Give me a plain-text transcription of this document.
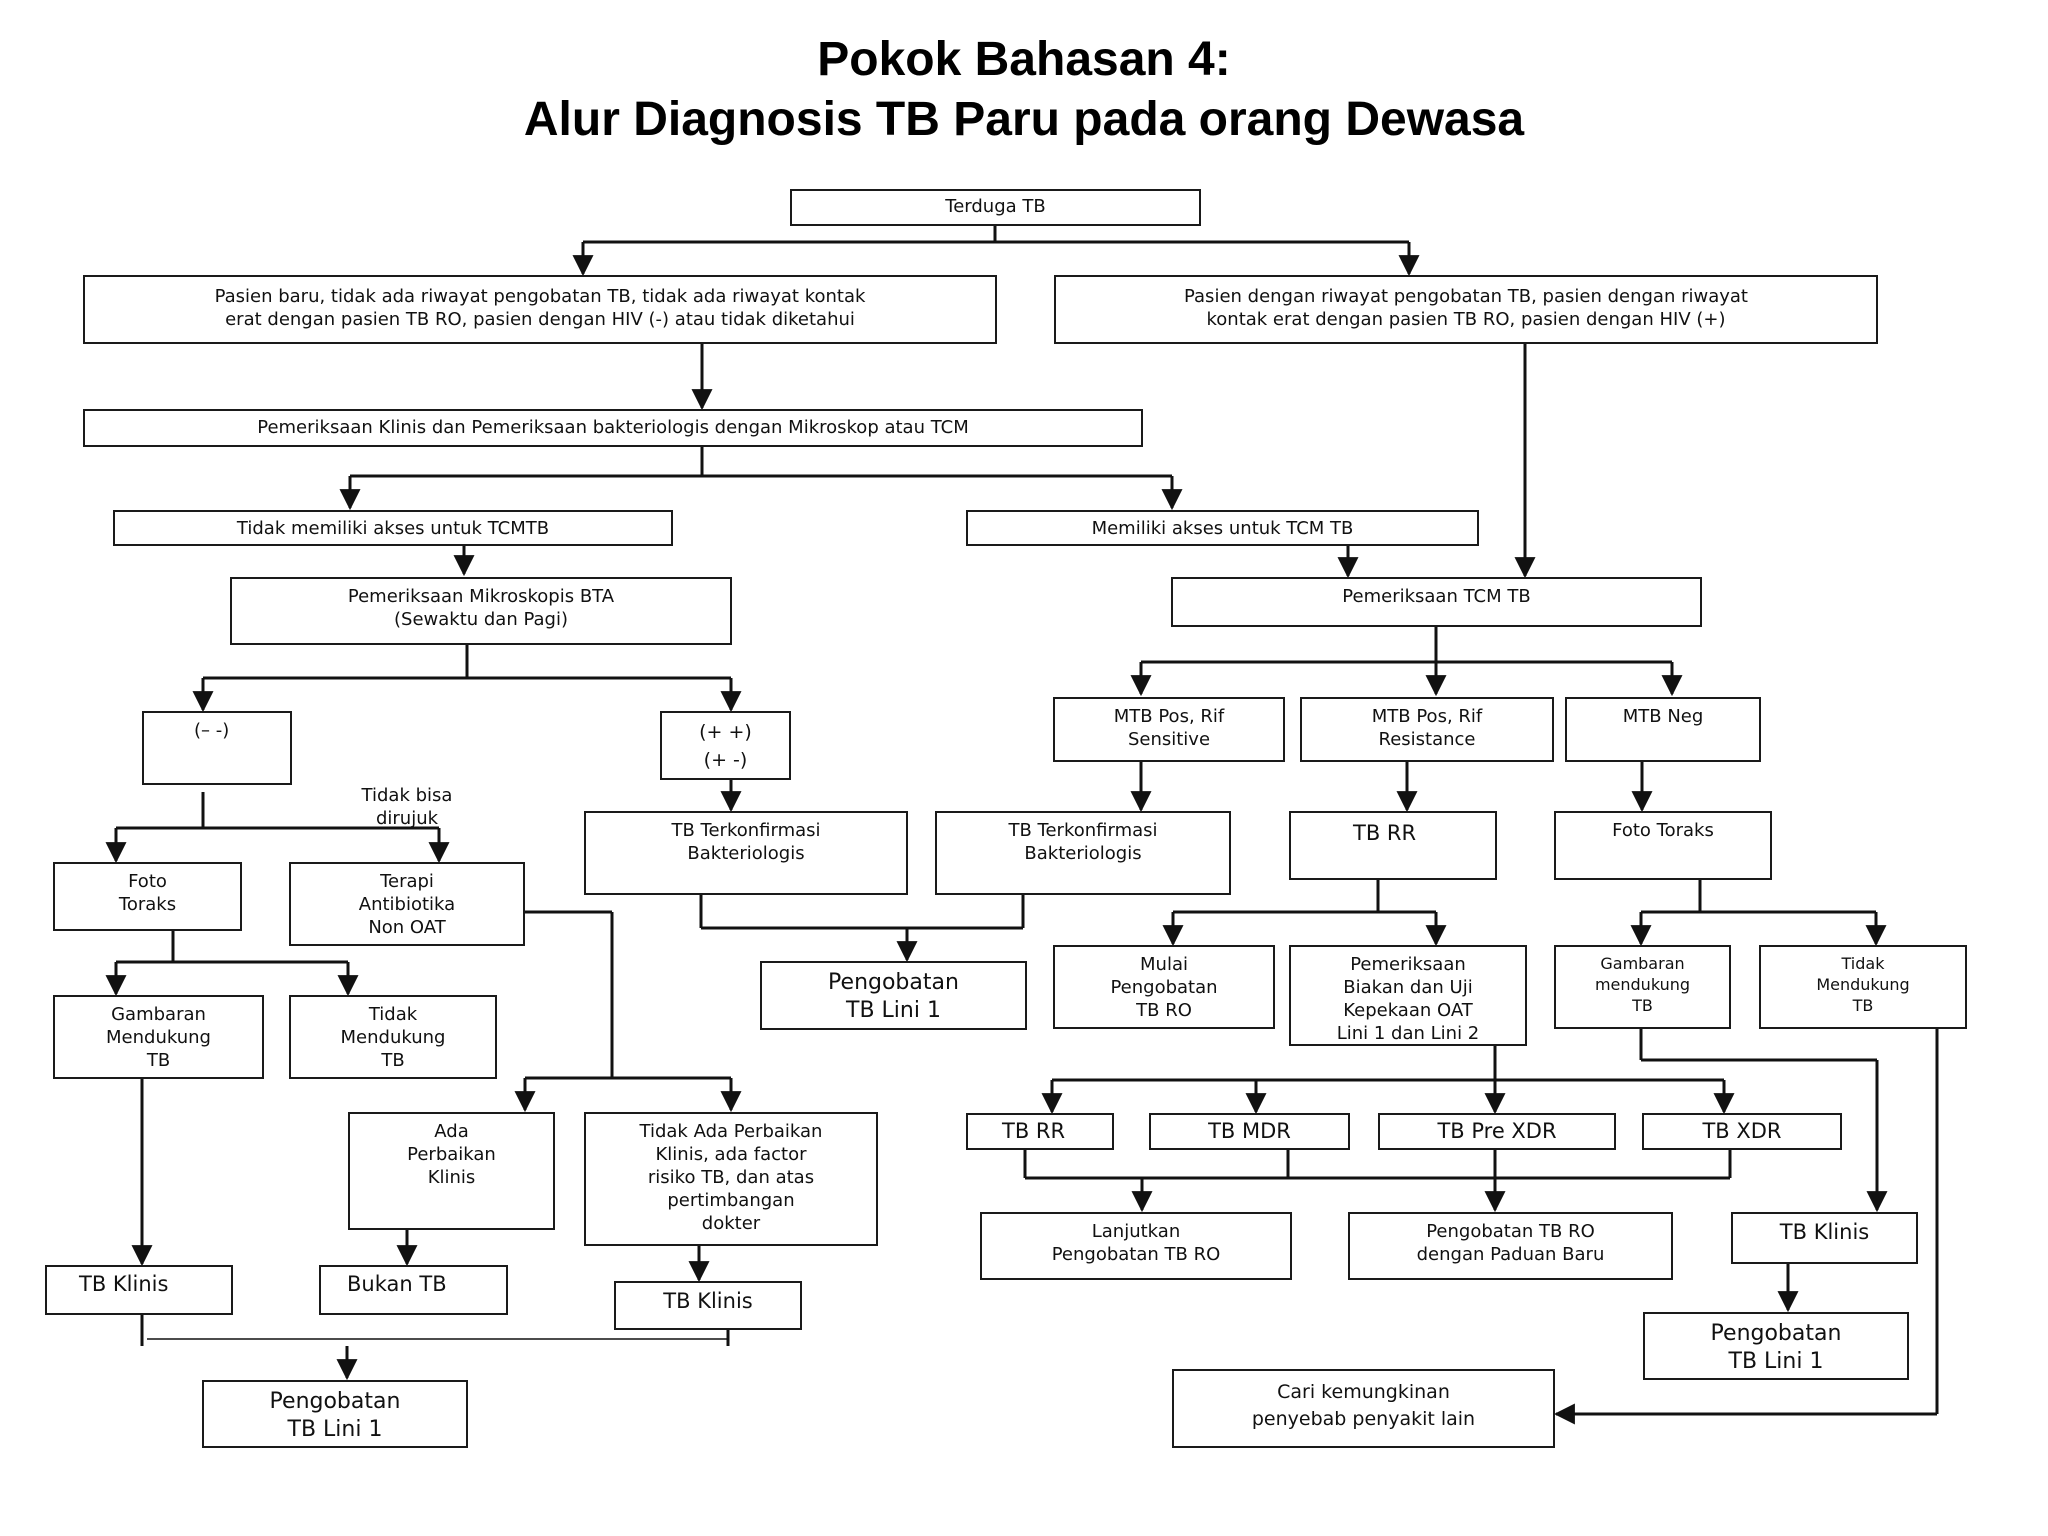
Pokok Bahasan 4:
Alur Diagnosis TB Paru pada orang Dewasa
Terduga TB
Pasien baru, tidak ada riwayat pengobatan TB, tidak ada riwayat kontak
erat dengan pasien TB RO, pasien dengan HIV (-) atau tidak diketahui
Pasien dengan riwayat pengobatan TB, pasien dengan riwayat
kontak erat dengan pasien TB RO, pasien dengan HIV (+)
Pemeriksaan Klinis dan Pemeriksaan bakteriologis dengan Mikroskop atau TCM
Tidak memiliki akses untuk TCMTB	Memiliki akses untuk TCM TB
Pemeriksaan Mikroskopis BTA
(Sewaktu dan Pagi)
Pemeriksaan TCM TB
(– -)	(+ +)
(+ -)
MTB Pos, Rif
Sensitive
MTB Pos, Rif
Resistance
MTB Neg
Tidak bisa
dirujuk
Foto
Toraks
Terapi
Antibiotika
Non OAT
TB Terkonfirmasi
Bakteriologis
TB Terkonfirmasi
Bakteriologis
TB RR	Foto Toraks
Gambaran
Mendukung
TB
Tidak
Mendukung
TB
Pengobatan
TB Lini 1
Mulai
Pengobatan
TB RO
Pemeriksaan
Biakan dan Uji
Kepekaan OAT
Lini 1 dan Lini 2
Gambaran
mendukung
TB
Tidak
Mendukung
TB
Ada
Perbaikan
Klinis
Tidak Ada Perbaikan
Klinis, ada factor
risiko TB, dan atas
pertimbangan
dokter
TB RR	TB MDR	TB Pre XDR	TB XDR
Lanjutkan
Pengobatan TB RO
Pengobatan TB RO
dengan Paduan Baru
TB Klinis	Bukan TB
TB Klinis
TB Klinis
Pengobatan
TB Lini 1
Cari kemungkinan
penyebab penyakit lain
Pengobatan
TB Lini 1
